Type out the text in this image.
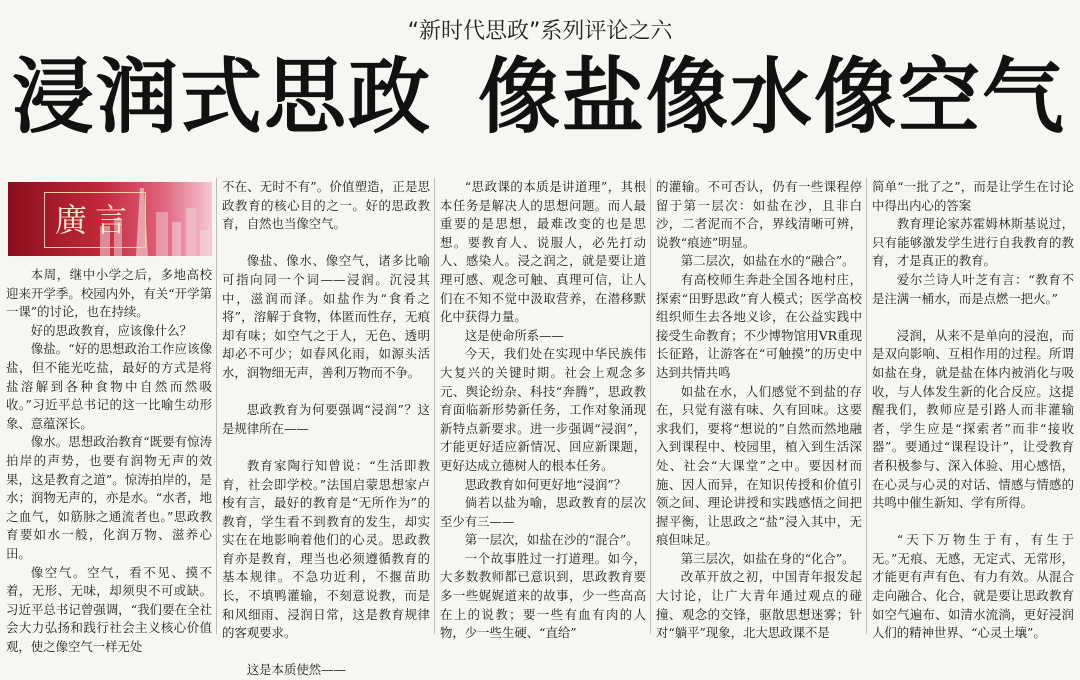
“新时代思政”系列评论之六
浸润式思政 像盐像水像空气
廣言

本周，继中小学之后，多地高校迎来开学季。校园内外，有关“开学第一课”的讨论，也在持续。

好的思政教育，应该像什么？

像盐。“好的思想政治工作应该像盐，但不能光吃盐，最好的方式是将盐溶解到各种食物中自然而然吸收。”习近平总书记的这一比喻生动形象、意蕴深长。

像水。思想政治教育“既要有惊涛拍岸的声势，也要有润物无声的效果，这是教育之道”。惊涛拍岸的，是水；润物无声的，亦是水。“水者，地之血气，如筋脉之通流者也。”思政教育要如水一般，化润万物、滋养心田。

像空气。空气，看不见、摸不着，无形、无味，却须臾不可或缺。习近平总书记曾强调，“我们要在全社会大力弘扬和践行社会主义核心价值观，使之像空气一样无处

不在、无时不有”。价值塑造，正是思政教育的核心目的之一。好的思政教育，自然也当像空气。

像盐、像水、像空气，诸多比喻可指向同一个词——浸润。沉浸其中，滋润而泽。如盐作为“食肴之将”，溶解于食物，体匿而性存，无痕却有味；如空气之于人，无色、透明却必不可少；如春风化雨，如源头活水，润物细无声，善利万物而不争。

思政教育为何要强调“浸润”？这是规律所在——

教育家陶行知曾说：“生活即教育，社会即学校。”法国启蒙思想家卢梭有言，最好的教育是“无所作为”的教育，学生看不到教育的发生，却实实在在地影响着他们的心灵。思政教育亦是教育，理当也必须遵循教育的基本规律。不急功近利，不揠苗助长，不填鸭灌输，不刻意说教，而是和风细雨、浸润日常，这是教育规律的客观要求。

这是本质使然——

“思政课的本质是讲道理”，其根本任务是解决人的思想问题。而人最重要的是思想，最难改变的也是思想。要教育人、说服人，必先打动人、感染人。浸之润之，就是要让道理可感、观念可触、真理可信，让人们在不知不觉中汲取营养，在潜移默化中获得力量。

这是使命所系——

今天，我们处在实现中华民族伟大复兴的关键时期。社会上观念多元、舆论纷杂、科技“奔腾”，思政教育面临新形势新任务，工作对象涌现新特点新要求。进一步强调“浸润”，才能更好适应新情况、回应新课题，更好达成立德树人的根本任务。

思政教育如何更好地“浸润”？

倘若以盐为喻，思政教育的层次至少有三——

第一层次，如盐在沙的“混合”。

一个故事胜过一打道理。如今，大多数教师都已意识到，思政教育要多一些娓娓道来的故事，少一些高高在上的说教；要一些有血有肉的人物，少一些生硬、“直给”

的灌输。不可否认，仍有一些课程停留于第一层次：如盐在沙，且非白沙，二者泥而不合，界线清晰可辨，说教“痕迹”明显。

第二层次，如盐在水的“融合”。

有高校师生奔赴全国各地村庄，探索“田野思政”育人模式；医学高校组织师生去各地义诊，在公益实践中接受生命教育；不少博物馆用VR重现长征路，让游客在“可触摸”的历史中达到共情共鸣

如盐在水，人们感觉不到盐的存在，只觉有滋有味、久有回味。这要求我们，要将“想说的”自然而然地融入到课程中、校园里，植入到生活深处、社会“大课堂”之中。要因材而施、因人而异，在知识传授和价值引领之间、理论讲授和实践感悟之间把握平衡，让思政之“盐”浸入其中，无痕但味足。

第三层次，如盐在身的“化合”。

改革开放之初，中国青年报发起大讨论，让广大青年通过观点的碰撞、观念的交锋，驱散思想迷雾；针对“躺平”现象，北大思政课不是

简单“一批了之”，而是让学生在讨论中得出内心的答案

教育理论家苏霍姆林斯基说过，只有能够激发学生进行自我教育的教育，才是真正的教育。

爱尔兰诗人叶芝有言：“教育不是注满一桶水，而是点燃一把火。”

浸润，从来不是单向的浸泡，而是双向影响、互相作用的过程。所谓如盐在身，就是盐在体内被消化与吸收，与人体发生新的化合反应。这提醒我们，教师应是引路人而非灌输者，学生应是“探索者”而非“接收器”。要通过“课程设计”，让受教育者积极参与、深入体验、用心感悟，在心灵与心灵的对话、情感与情感的共鸣中催生新知、学有所得。

“天下万物生于有，有生于无。”无痕、无感，无定式、无常形，才能更有声有色、有力有效。从混合走向融合、化合，就是要让思政教育如空气遍布、如清水流淌，更好浸润人们的精神世界、“心灵土壤”。
